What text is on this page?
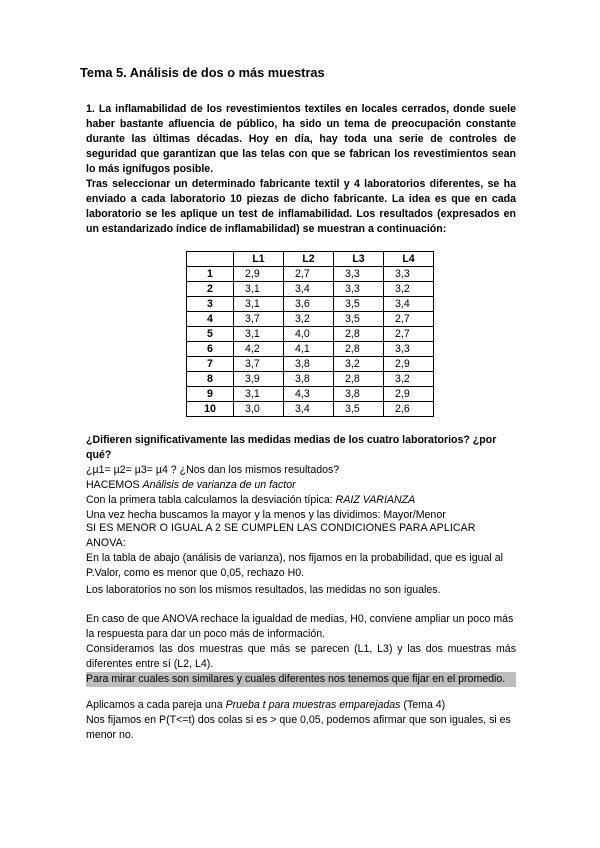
Tema 5. Análisis de dos o más muestras

1. La inflamabilidad de los revestimientos textiles en locales cerrados, donde suele haber bastante afluencia de público, ha sido un tema de preocupación constante durante las últimas décadas. Hoy en día, hay toda una serie de controles de seguridad que garantizan que las telas con que se fabrican los revestimientos sean lo más ignífugos posible.

Tras seleccionar un determinado fabricante textil y 4 laboratorios diferentes, se ha enviado a cada laboratorio 10 piezas de dicho fabricante. La idea es que en cada laboratorio se les aplique un test de inflamabilidad. Los resultados (expresados en un estandarizado índice de inflamabilidad) se muestran a continuación:

	L1	L2	L3	L4
1	2,9	2,7	3,3	3,3
2	3,1	3,4	3,3	3,2
3	3,1	3,6	3,5	3,4
4	3,7	3,2	3,5	2,7
5	3,1	4,0	2,8	2,7
6	4,2	4,1	2,8	3,3
7	3,7	3,8	3,2	2,9
8	3,9	3,8	2,8	3,2
9	3,1	4,3	3,8	2,9
10	3,0	3,4	3,5	2,6

¿Difieren significativamente las medidas medias de los cuatro laboratorios? ¿por qué?

¿µ1= µ2= µ3= µ4 ? ¿Nos dan los mismos resultados?

HACEMOS Análisis de varianza de un factor

Con la primera tabla calculamos la desviación típica: RAIZ VARIANZA

Una vez hecha buscamos la mayor y la menos y las dividimos: Mayor/Menor

SI ES MENOR O IGUAL A 2 SE CUMPLEN LAS CONDICIONES PARA APLICAR ANOVA:

En la tabla de abajo (análisis de varianza), nos fijamos en la probabilidad, que es igual al P.Valor, como es menor que 0,05, rechazo H0.

Los laboratorios no son los mismos resultados, las medidas no son iguales.

En caso de que ANOVA rechace la igualdad de medias, H0, conviene ampliar un poco más la respuesta para dar un poco más de información.

Consideramos las dos muestras que más se parecen (L1, L3) y las dos muestras más diferentes entre sí (L2, L4).

Para mirar cuales son similares y cuales diferentes nos tenemos que fijar en el promedio.

Aplicamos a cada pareja una Prueba t para muestras emparejadas (Tema 4)

Nos fijamos en P(T<=t) dos colas si es > que 0,05, podemos afirmar que son iguales, si es menor no.
